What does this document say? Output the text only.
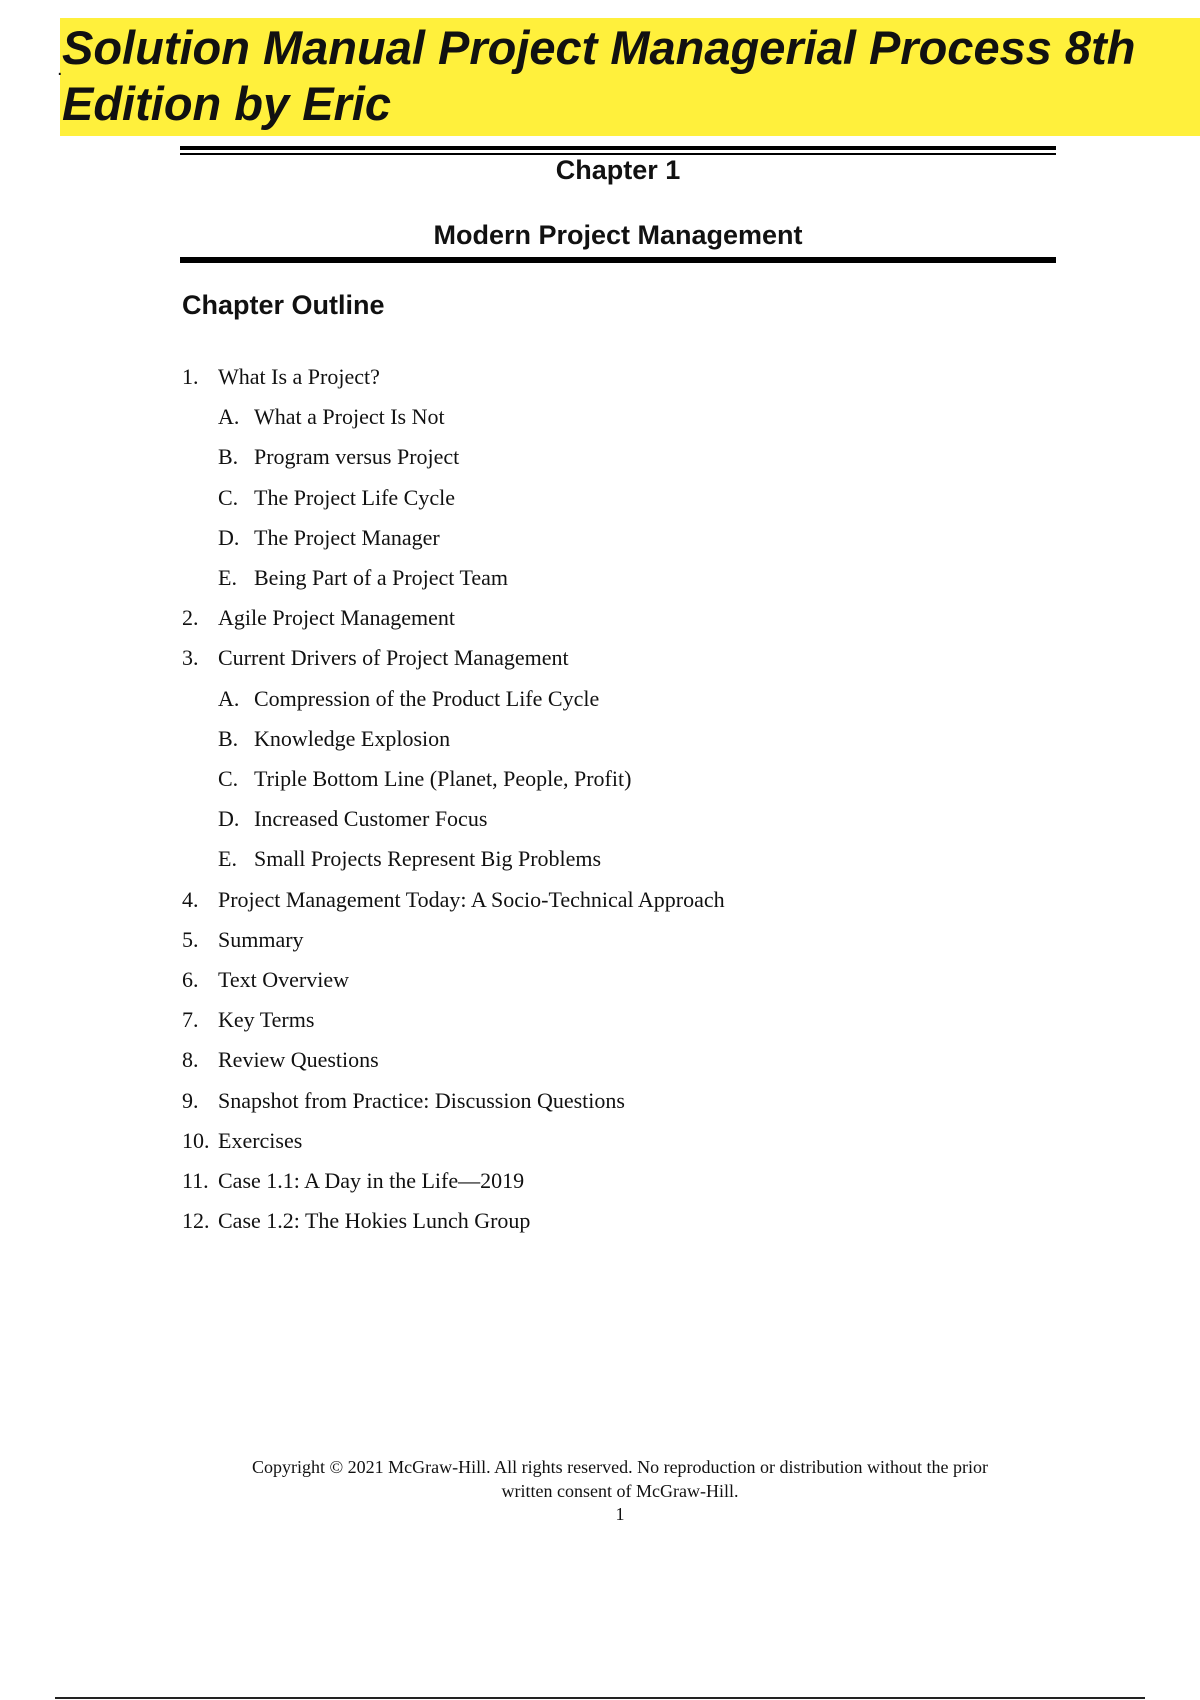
. Solution Manual Project Managerial Process 8th Edition by Eric
Chapter 1
Modern Project Management
Chapter Outline
1. What Is a Project?
A. What a Project Is Not
B. Program versus Project
C. The Project Life Cycle
D. The Project Manager
E. Being Part of a Project Team
2. Agile Project Management
3. Current Drivers of Project Management
A. Compression of the Product Life Cycle
B. Knowledge Explosion
C. Triple Bottom Line (Planet, People, Profit)
D. Increased Customer Focus
E. Small Projects Represent Big Problems
4. Project Management Today: A Socio-Technical Approach
5. Summary
6. Text Overview
7. Key Terms
8. Review Questions
9. Snapshot from Practice: Discussion Questions
10. Exercises
11. Case 1.1: A Day in the Life—2019
12. Case 1.2: The Hokies Lunch Group
Copyright © 2021 McGraw-Hill. All rights reserved. No reproduction or distribution without the prior
written consent of McGraw-Hill.
1
